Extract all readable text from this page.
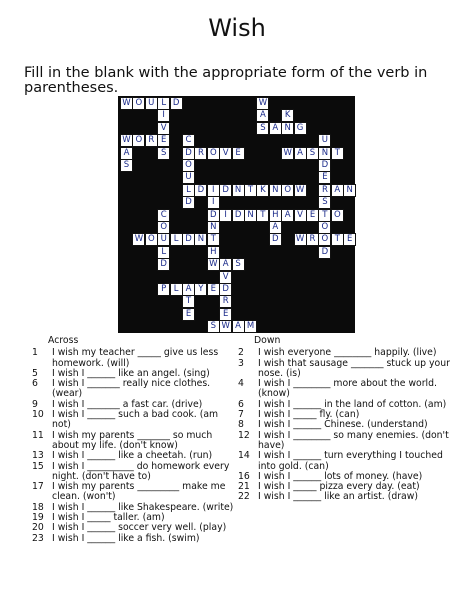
Wish
Fill in the blank with the appropriate form of the verb in parentheses.
W O U L D	W
I	A	K
V	S A N G
W O R E	C	U
A	S	D R O V E	W A S N T
S	O	D
U	E
L D I D N T K N O W	R A N
D	I	S
C	D I D N T H A V E T O
O	N	A	O
W O U L D N T	D	W R O T E
L	H	D
D	W A S
V
P L A Y E D
T	R
E	E
S W A M
Across
1	I wish my teacher _____ give us less homework. (will)
5	I wish I ______ like an angel. (sing)
6	I wish I _______ really nice clothes. (wear)
9	I wish I _______ a fast car. (drive)
10 I wish I ______ such a bad cook. (am not)
11 I wish my parents _______ so much about my life. (don't know)
13 I wish I ______ like a cheetah. (run)
15 I wish I __________ do homework every night. (don't have to)
17 I wish my parents _________ make me clean. (won't)
18 I wish I ______ like Shakespeare. (write)
19 I wish I _____ taller. (am)
20 I wish I ______ soccer very well. (play)
23 I wish I ______ like a fish. (swim)
Down
2	I wish everyone ________ happily. (live)
3	I wish that sausage _______ stuck up your nose. (is)
4	I wish I ________ more about the world. (know)
6	I wish I ______ in the land of cotton. (am)
7	I wish I _____ fly. (can)
8	I wish I ______ Chinese. (understand)
12 I wish I ________ so many enemies. (don't have)
14 I wish I ______ turn everything I touched into gold. (can)
16 I wish I ______ lots of money. (have)
21 I wish I _____ pizza every day. (eat)
22 I wish I ______ like an artist. (draw)
